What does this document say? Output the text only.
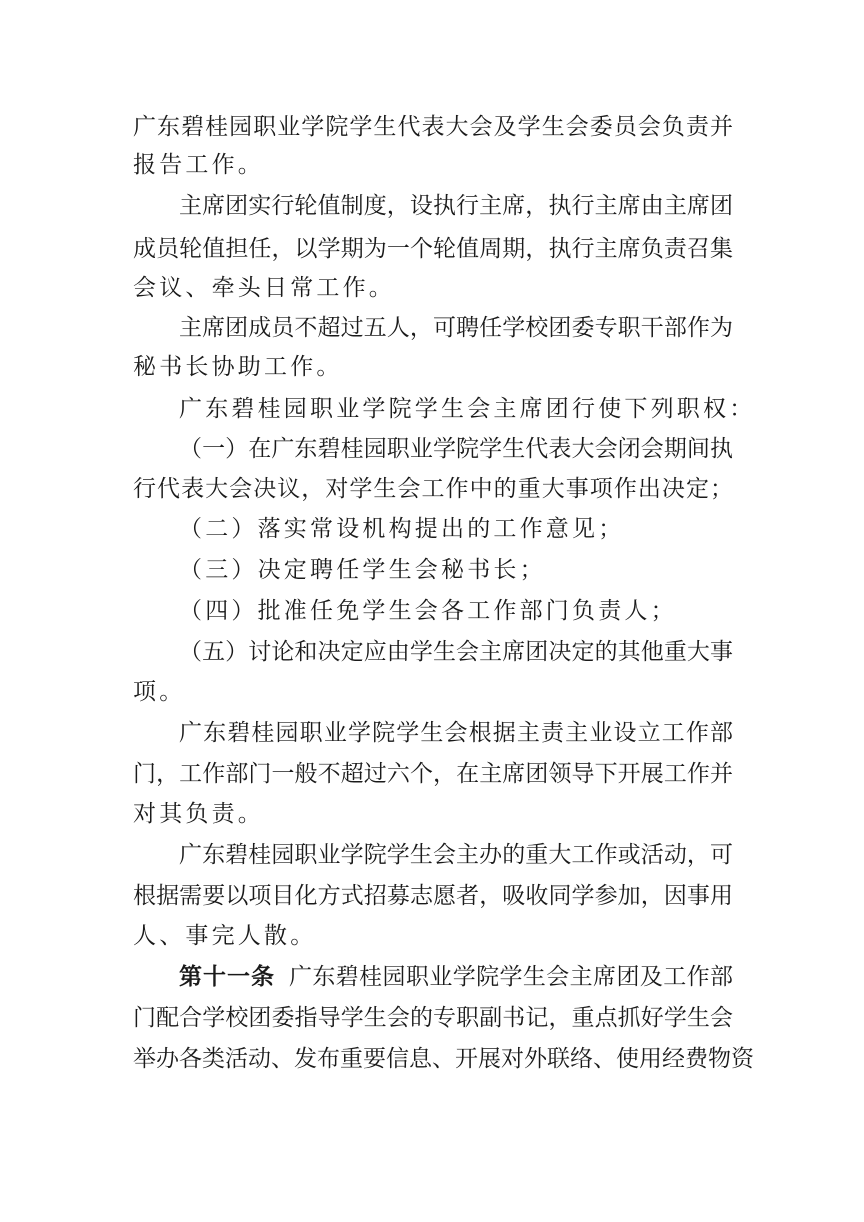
广东碧桂园职业学院学生代表大会及学生会委员会负责并
报告工作。
主席团实行轮值制度，设执行主席，执行主席由主席团
成员轮值担任，以学期为一个轮值周期，执行主席负责召集
会议、牵头日常工作。
主席团成员不超过五人，可聘任学校团委专职干部作为
秘书长协助工作。
广东碧桂园职业学院学生会主席团行使下列职权：
（一）在广东碧桂园职业学院学生代表大会闭会期间执
行代表大会决议，对学生会工作中的重大事项作出决定；
（二）落实常设机构提出的工作意见；
（三）决定聘任学生会秘书长；
（四）批准任免学生会各工作部门负责人；
（五）讨论和决定应由学生会主席团决定的其他重大事
项。
广东碧桂园职业学院学生会根据主责主业设立工作部
门，工作部门一般不超过六个，在主席团领导下开展工作并
对其负责。
广东碧桂园职业学院学生会主办的重大工作或活动，可
根据需要以项目化方式招募志愿者，吸收同学参加，因事用
人、事完人散。
第十一条 广东碧桂园职业学院学生会主席团及工作部
门配合学校团委指导学生会的专职副书记，重点抓好学生会
举办各类活动、发布重要信息、开展对外联络、使用经费物资
